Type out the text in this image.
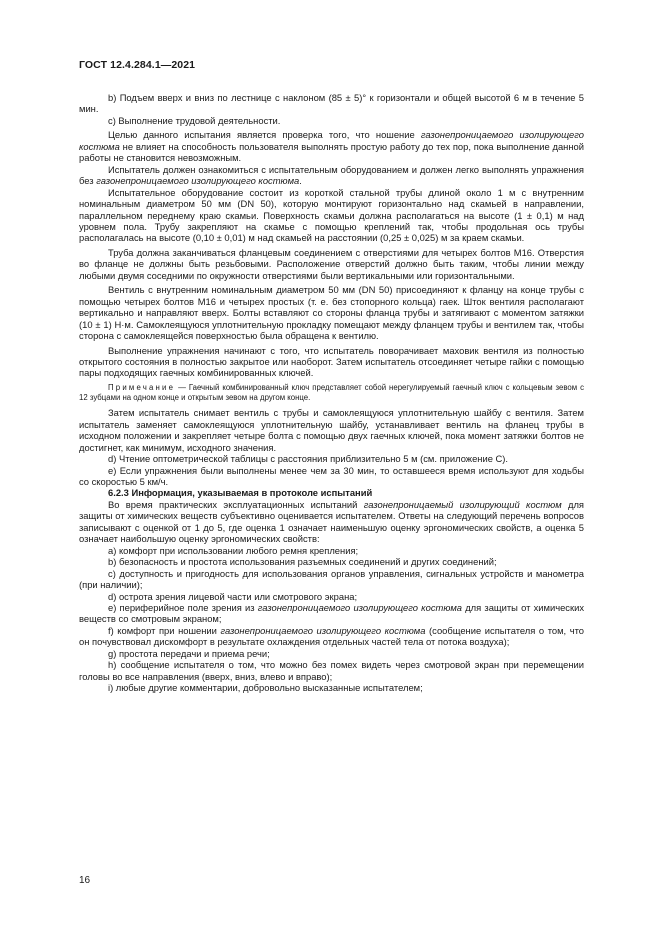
ГОСТ 12.4.284.1—2021

b) Подъем вверх и вниз по лестнице с наклоном (85 ± 5)° к горизонтали и общей высотой 6 м в течение 5 мин.

c) Выполнение трудовой деятельности.

Целью данного испытания является проверка того, что ношение газонепроницаемого изолирующего костюма не влияет на способность пользователя выполнять простую работу до тех пор, пока выполнение данной работы не становится невозможным.

Испытатель должен ознакомиться с испытательным оборудованием и должен легко выполнять упражнения без газонепроницаемого изолирующего костюма.

Испытательное оборудование состоит из короткой стальной трубы длиной около 1 м с внутренним номинальным диаметром 50 мм (DN 50), которую монтируют горизонтально над скамьей в направлении, параллельном переднему краю скамьи. Поверхность скамьи должна располагаться на высоте (1 ± 0,1) м над уровнем пола. Трубу закрепляют на скамье с помощью креплений так, чтобы продольная ось трубы располагалась на высоте (0,10 ± 0,01) м над скамьей на расстоянии (0,25 ± 0,025) м за краем скамьи.

Труба должна заканчиваться фланцевым соединением с отверстиями для четырех болтов М16. Отверстия во фланце не должны быть резьбовыми. Расположение отверстий должно быть таким, чтобы линии между любыми двумя соседними по окружности отверстиями были вертикальными или горизонтальными.

Вентиль с внутренним номинальным диаметром 50 мм (DN 50) присоединяют к фланцу на конце трубы с помощью четырех болтов М16 и четырех простых (т. е. без стопорного кольца) гаек. Шток вентиля располагают вертикально и направляют вверх. Болты вставляют со стороны фланца трубы и затягивают с моментом затяжки (10 ± 1) Н·м. Самоклеящуюся уплотнительную прокладку помещают между фланцем трубы и вентилем так, чтобы сторона с самоклеящейся поверхностью была обращена к вентилю.

Выполнение упражнения начинают с того, что испытатель поворачивает маховик вентиля из полностью открытого состояния в полностью закрытое или наоборот. Затем испытатель отсоединяет четыре гайки с помощью пары подходящих гаечных комбинированных ключей.

Примечание — Гаечный комбинированный ключ представляет собой нерегулируемый гаечный ключ с кольцевым зевом с 12 зубцами на одном конце и открытым зевом на другом конце.

Затем испытатель снимает вентиль с трубы и самоклеящуюся уплотнительную шайбу с вентиля. Затем испытатель заменяет самоклеящуюся уплотнительную шайбу, устанавливает вентиль на фланец трубы в исходном положении и закрепляет четыре болта с помощью двух гаечных ключей, пока момент затяжки болтов не достигнет, как минимум, исходного значения.

d) Чтение оптометрической таблицы с расстояния приблизительно 5 м (см. приложение С).

e) Если упражнения были выполнены менее чем за 30 мин, то оставшееся время используют для ходьбы со скоростью 5 км/ч.

6.2.3 Информация, указываемая в протоколе испытаний

Во время практических эксплуатационных испытаний газонепроницаемый изолирующий костюм для защиты от химических веществ субъективно оценивается испытателем. Ответы на следующий перечень вопросов записывают с оценкой от 1 до 5, где оценка 1 означает наименьшую оценку эргономических свойств, а оценка 5 означает наибольшую оценку эргономических свойств:

a) комфорт при использовании любого ремня крепления;

b) безопасность и простота использования разъемных соединений и других соединений;

c) доступность и пригодность для использования органов управления, сигнальных устройств и манометра (при наличии);

d) острота зрения лицевой части или смотрового экрана;

e) периферийное поле зрения из газонепроницаемого изолирующего костюма для защиты от химических веществ со смотровым экраном;

f) комфорт при ношении газонепроницаемого изолирующего костюма (сообщение испытателя о том, что он почувствовал дискомфорт в результате охлаждения отдельных частей тела от потока воздуха);

g) простота передачи и приема речи;

h) сообщение испытателя о том, что можно без помех видеть через смотровой экран при перемещении головы во все направления (вверх, вниз, влево и вправо);

i) любые другие комментарии, добровольно высказанные испытателем;

16
